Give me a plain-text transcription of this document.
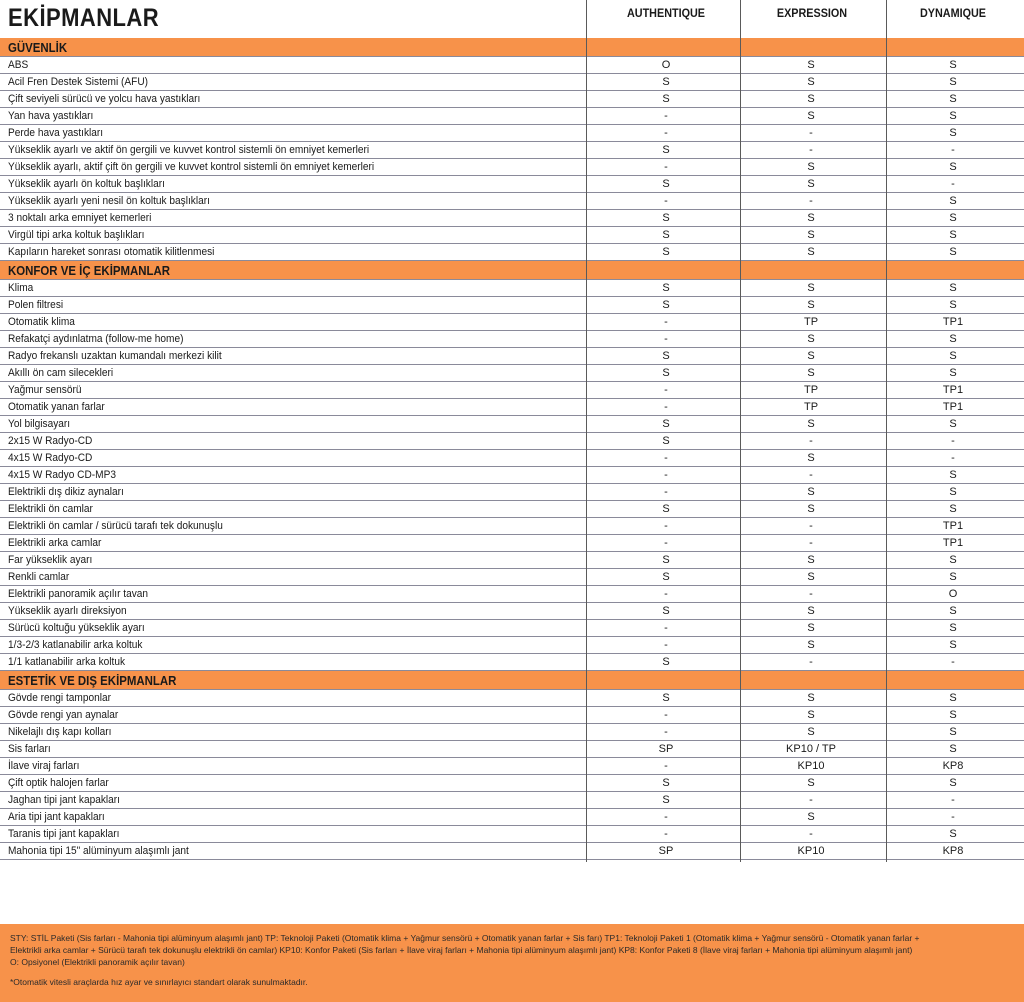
EKİPMANLAR	AUTHENTIQUE	EXPRESSION	DYNAMIQUE
GÜVENLİK
ABS	O	S	S
Acil Fren Destek Sistemi (AFU)	S	S	S
Çift seviyeli sürücü ve yolcu hava yastıkları	S	S	S
Yan hava yastıkları	-	S	S
Perde hava yastıkları	-	-	S
Yükseklik ayarlı ve aktif ön gergili ve kuvvet kontrol sistemli ön emniyet kemerleri	S	-	-
Yükseklik ayarlı, aktif çift ön gergili ve kuvvet kontrol sistemli ön emniyet kemerleri	-	S	S
Yükseklik ayarlı ön koltuk başlıkları	S	S	-
Yükseklik ayarlı yeni nesil ön koltuk başlıkları	-	-	S
3 noktalı arka emniyet kemerleri	S	S	S
Virgül tipi arka koltuk başlıkları	S	S	S
Kapıların hareket sonrası otomatik kilitlenmesi	S	S	S
KONFOR VE İÇ EKİPMANLAR
Klima	S	S	S
Polen filtresi	S	S	S
Otomatik klima	-	TP	TP1
Refakatçi aydınlatma (follow-me home)	-	S	S
Radyo frekanslı uzaktan kumandalı merkezi kilit	S	S	S
Akıllı ön cam silecekleri	S	S	S
Yağmur sensörü	-	TP	TP1
Otomatik yanan farlar	-	TP	TP1
Yol bilgisayarı	S	S	S
2x15 W Radyo-CD	S	-	-
4x15 W Radyo-CD	-	S	-
4x15 W Radyo CD-MP3	-	-	S
Elektrikli dış dikiz aynaları	-	S	S
Elektrikli ön camlar	S	S	S
Elektrikli ön camlar / sürücü tarafı tek dokunuşlu	-	-	TP1
Elektrikli arka camlar	-	-	TP1
Far yükseklik ayarı	S	S	S
Renkli camlar	S	S	S
Elektrikli panoramik açılır tavan	-	-	O
Yükseklik ayarlı direksiyon	S	S	S
Sürücü koltuğu yükseklik ayarı	-	S	S
1/3-2/3 katlanabilir arka koltuk	-	S	S
1/1 katlanabilir arka koltuk	S	-	-
ESTETİK VE DIŞ EKİPMANLAR
Gövde rengi tamponlar	S	S	S
Gövde rengi yan aynalar	-	S	S
Nikelajlı dış kapı kolları	-	S	S
Sis farları	SP	KP10 / TP	S
İlave viraj farları	-	KP10	KP8
Çift optik halojen farlar	S	S	S
Jaghan tipi jant kapakları	S	-	-
Aria tipi jant kapakları	-	S	-
Taranis tipi jant kapakları	-	-	S
Mahonia tipi 15" alüminyum alaşımlı jant	SP	KP10	KP8

STY: STİL Paketi (Sis farları - Mahonia tipi alüminyum alaşımlı jant) TP: Teknoloji Paketi (Otomatik klima + Yağmur sensörü + Otomatik yanan farlar + Sis farı) TP1: Teknoloji Paketi 1 (Otomatik klima + Yağmur sensörü - Otomatik yanan farlar +

Elektrikli arka camlar + Sürücü tarafı tek dokunuşlu elektrikli ön camlar) KP10: Konfor Paketi (Sis farları + İlave viraj farları + Mahonia tipi alüminyum alaşımlı jant) KP8: Konfor Paketi 8 (İlave viraj farları + Mahonia tipi alüminyum alaşımlı jant)

O: Opsiyonel (Elektrikli panoramik açılır tavan)

*Otomatik vitesli araçlarda hız ayar ve sınırlayıcı standart olarak sunulmaktadır.
